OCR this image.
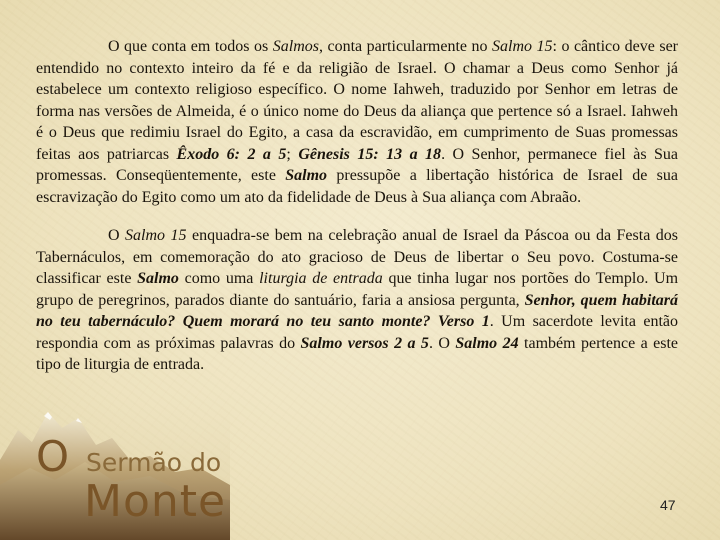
O que conta em todos os Salmos, conta particularmente no Salmo 15: o cântico deve ser entendido no contexto inteiro da fé e da religião de Israel. O chamar a Deus como Senhor já estabelece um contexto religioso específico. O nome Iahweh, traduzido por Senhor em letras de forma nas versões de Almeida, é o único nome do Deus da aliança que pertence só a Israel. Iahweh é o Deus que redimiu Israel do Egito, a casa da escravidão, em cumprimento de Suas promessas feitas aos patriarcas Êxodo 6: 2 a 5; Gênesis 15: 13 a 18. O Senhor, permanece fiel às Sua promessas. Conseqüentemente, este Salmo pressupõe a libertação histórica de Israel de sua escravização do Egito como um ato da fidelidade de Deus à Sua aliança com Abraão.

O Salmo 15 enquadra-se bem na celebração anual de Israel da Páscoa ou da Festa dos Tabernáculos, em comemoração do ato gracioso de Deus de libertar o Seu povo. Costuma-se classificar este Salmo como uma liturgia de entrada que tinha lugar nos portões do Templo. Um grupo de peregrinos, parados diante do santuário, faria a ansiosa pergunta, Senhor, quem habitará no teu tabernáculo? Quem morará no teu santo monte? Verso 1. Um sacerdote levita então respondia com as próximas palavras do Salmo versos 2 a 5. O Salmo 24 também pertence a este tipo de liturgia de entrada.

O Sermão do
Monte	47
